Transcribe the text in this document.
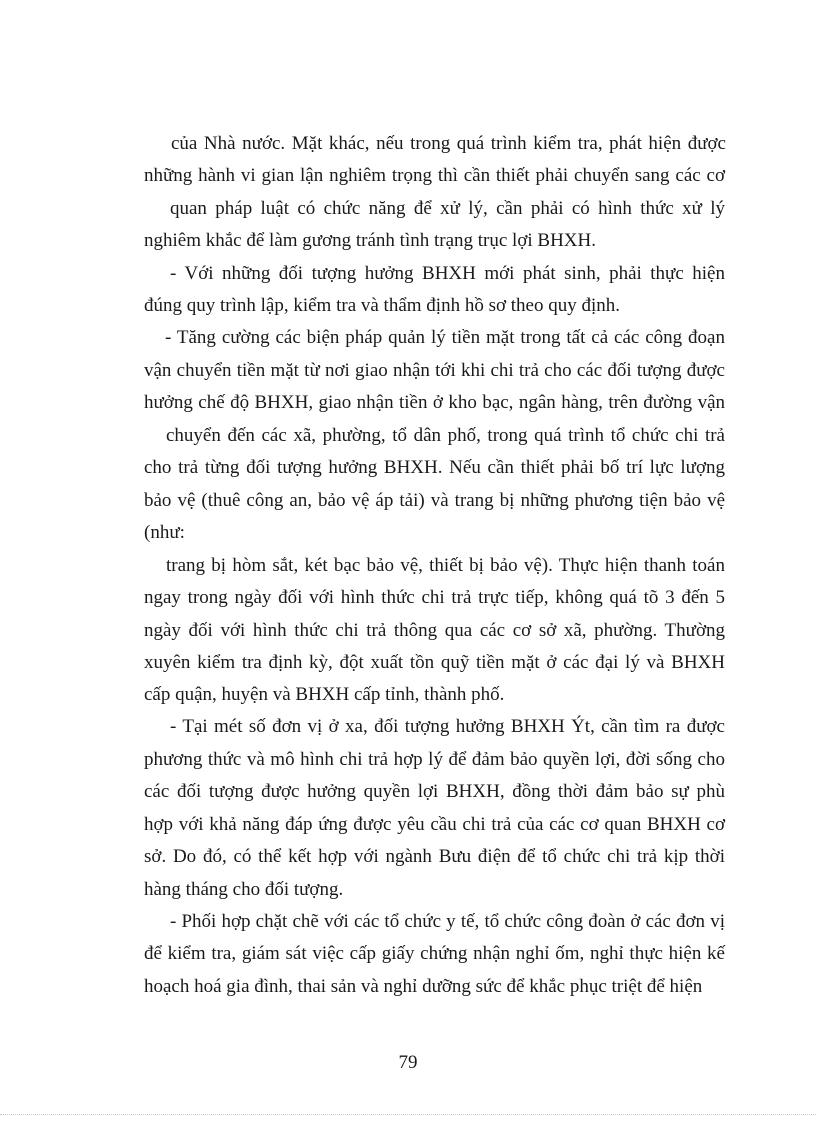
của Nhà nước. Mặt khác, nếu trong quá trình kiểm tra, phát hiện được
những hành vi gian lận nghiêm trọng thì cần thiết phải chuyển sang các cơ
quan pháp luật có chức năng để xử lý, cần phải có hình thức xử lý
nghiêm khắc để làm gương tránh tình trạng trục lợi BHXH.
- Với những đối tượng hưởng BHXH mới phát sinh, phải thực hiện
đúng quy trình lập, kiểm tra và thẩm định hồ sơ theo quy định.
- Tăng cường các biện pháp quản lý tiền mặt trong tất cả các công đoạn
vận chuyển tiền mặt từ nơi giao nhận tới khi chi trả cho các đối tượng được
hưởng chế độ BHXH, giao nhận tiền ở kho bạc, ngân hàng, trên đường vận
chuyển đến các xã, phường, tổ dân phố, trong quá trình tổ chức chi trả
cho trả từng đối tượng hưởng BHXH. Nếu cần thiết phải bố trí lực lượng
bảo vệ (thuê công an, bảo vệ áp tải) và trang bị những phương tiện bảo vệ
(như:
trang bị hòm sắt, két bạc bảo vệ, thiết bị bảo vệ). Thực hiện thanh toán
ngay trong ngày đối với hình thức chi trả trực tiếp, không quá tõ 3 đến 5
ngày đối với hình thức chi trả thông qua các cơ sở xã, phường. Thường
xuyên kiểm tra định kỳ, đột xuất tồn quỹ tiền mặt ở các đại lý và BHXH
cấp quận, huyện và BHXH cấp tỉnh, thành phố.
- Tại mét số đơn vị ở xa, đối tượng hưởng BHXH Ýt, cần tìm ra được
phương thức và mô hình chi trả hợp lý để đảm bảo quyền lợi, đời sống cho
các đối tượng được hưởng quyền lợi BHXH, đồng thời đảm bảo sự phù
hợp với khả năng đáp ứng được yêu cầu chi trả của các cơ quan BHXH cơ
sở. Do đó, có thể kết hợp với ngành Bưu điện để tổ chức chi trả kịp thời
hàng tháng cho đối tượng.
- Phối hợp chặt chẽ với các tổ chức y tế, tổ chức công đoàn ở các đơn vị
để kiểm tra, giám sát việc cấp giấy chứng nhận nghỉ ốm, nghỉ thực hiện kế
hoạch hoá gia đình, thai sản và nghỉ dưỡng sức để khắc phục triệt để hiện
79
